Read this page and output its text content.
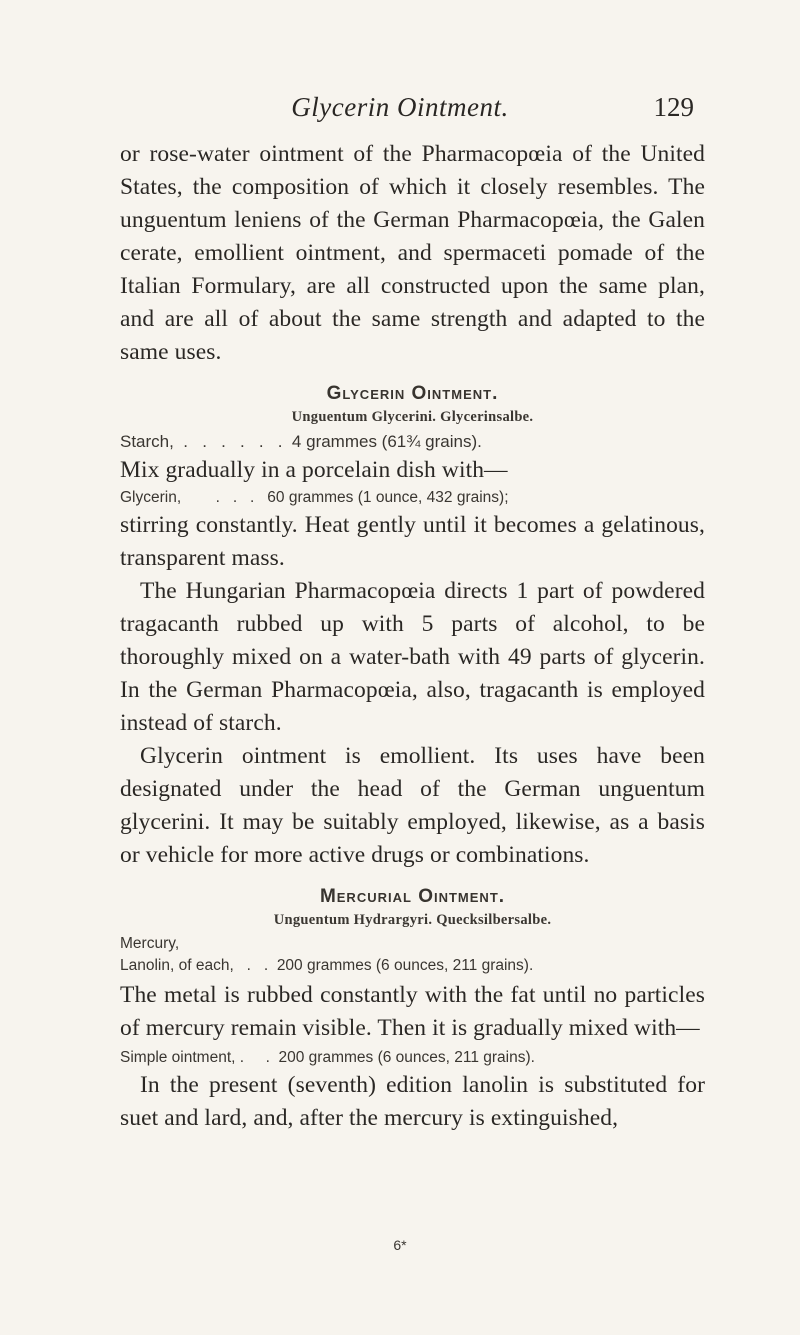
Glycerin Ointment.	129

or rose-water ointment of the Pharmacopœia of the United States, the composition of which it closely resembles. The unguentum leniens of the German Pharmacopœia, the Galen cerate, emollient ointment, and spermaceti pomade of the Italian Formulary, are all constructed upon the same plan, and are all of about the same strength and adapted to the same uses.

Glycerin Ointment.
Unguentum Glycerini. Glycerinsalbe.
Starch,  .   .   .   .   .   .  4 grammes (61¾ grains).

Mix gradually in a porcelain dish with—

Glycerin,        .   .   .   60 grammes (1 ounce, 432 grains);

stirring constantly. Heat gently until it becomes a gelatinous, transparent mass.

The Hungarian Pharmacopœia directs 1 part of powdered tragacanth rubbed up with 5 parts of alcohol, to be thoroughly mixed on a water-bath with 49 parts of glycerin. In the German Pharmacopœia, also, tragacanth is employed instead of starch.

Glycerin ointment is emollient. Its uses have been designated under the head of the German unguentum glycerini. It may be suitably employed, likewise, as a basis or vehicle for more active drugs or combinations.

Mercurial Ointment.
Unguentum Hydrargyri. Quecksilbersalbe.
Mercury,
Lanolin, of each,   .   .  200 grammes (6 ounces, 211 grains).

The metal is rubbed constantly with the fat until no particles of mercury remain visible. Then it is gradually mixed with—

Simple ointment, .     .  200 grammes (6 ounces, 211 grains).

In the present (seventh) edition lanolin is substituted for suet and lard, and, after the mercury is extinguished,

6*
